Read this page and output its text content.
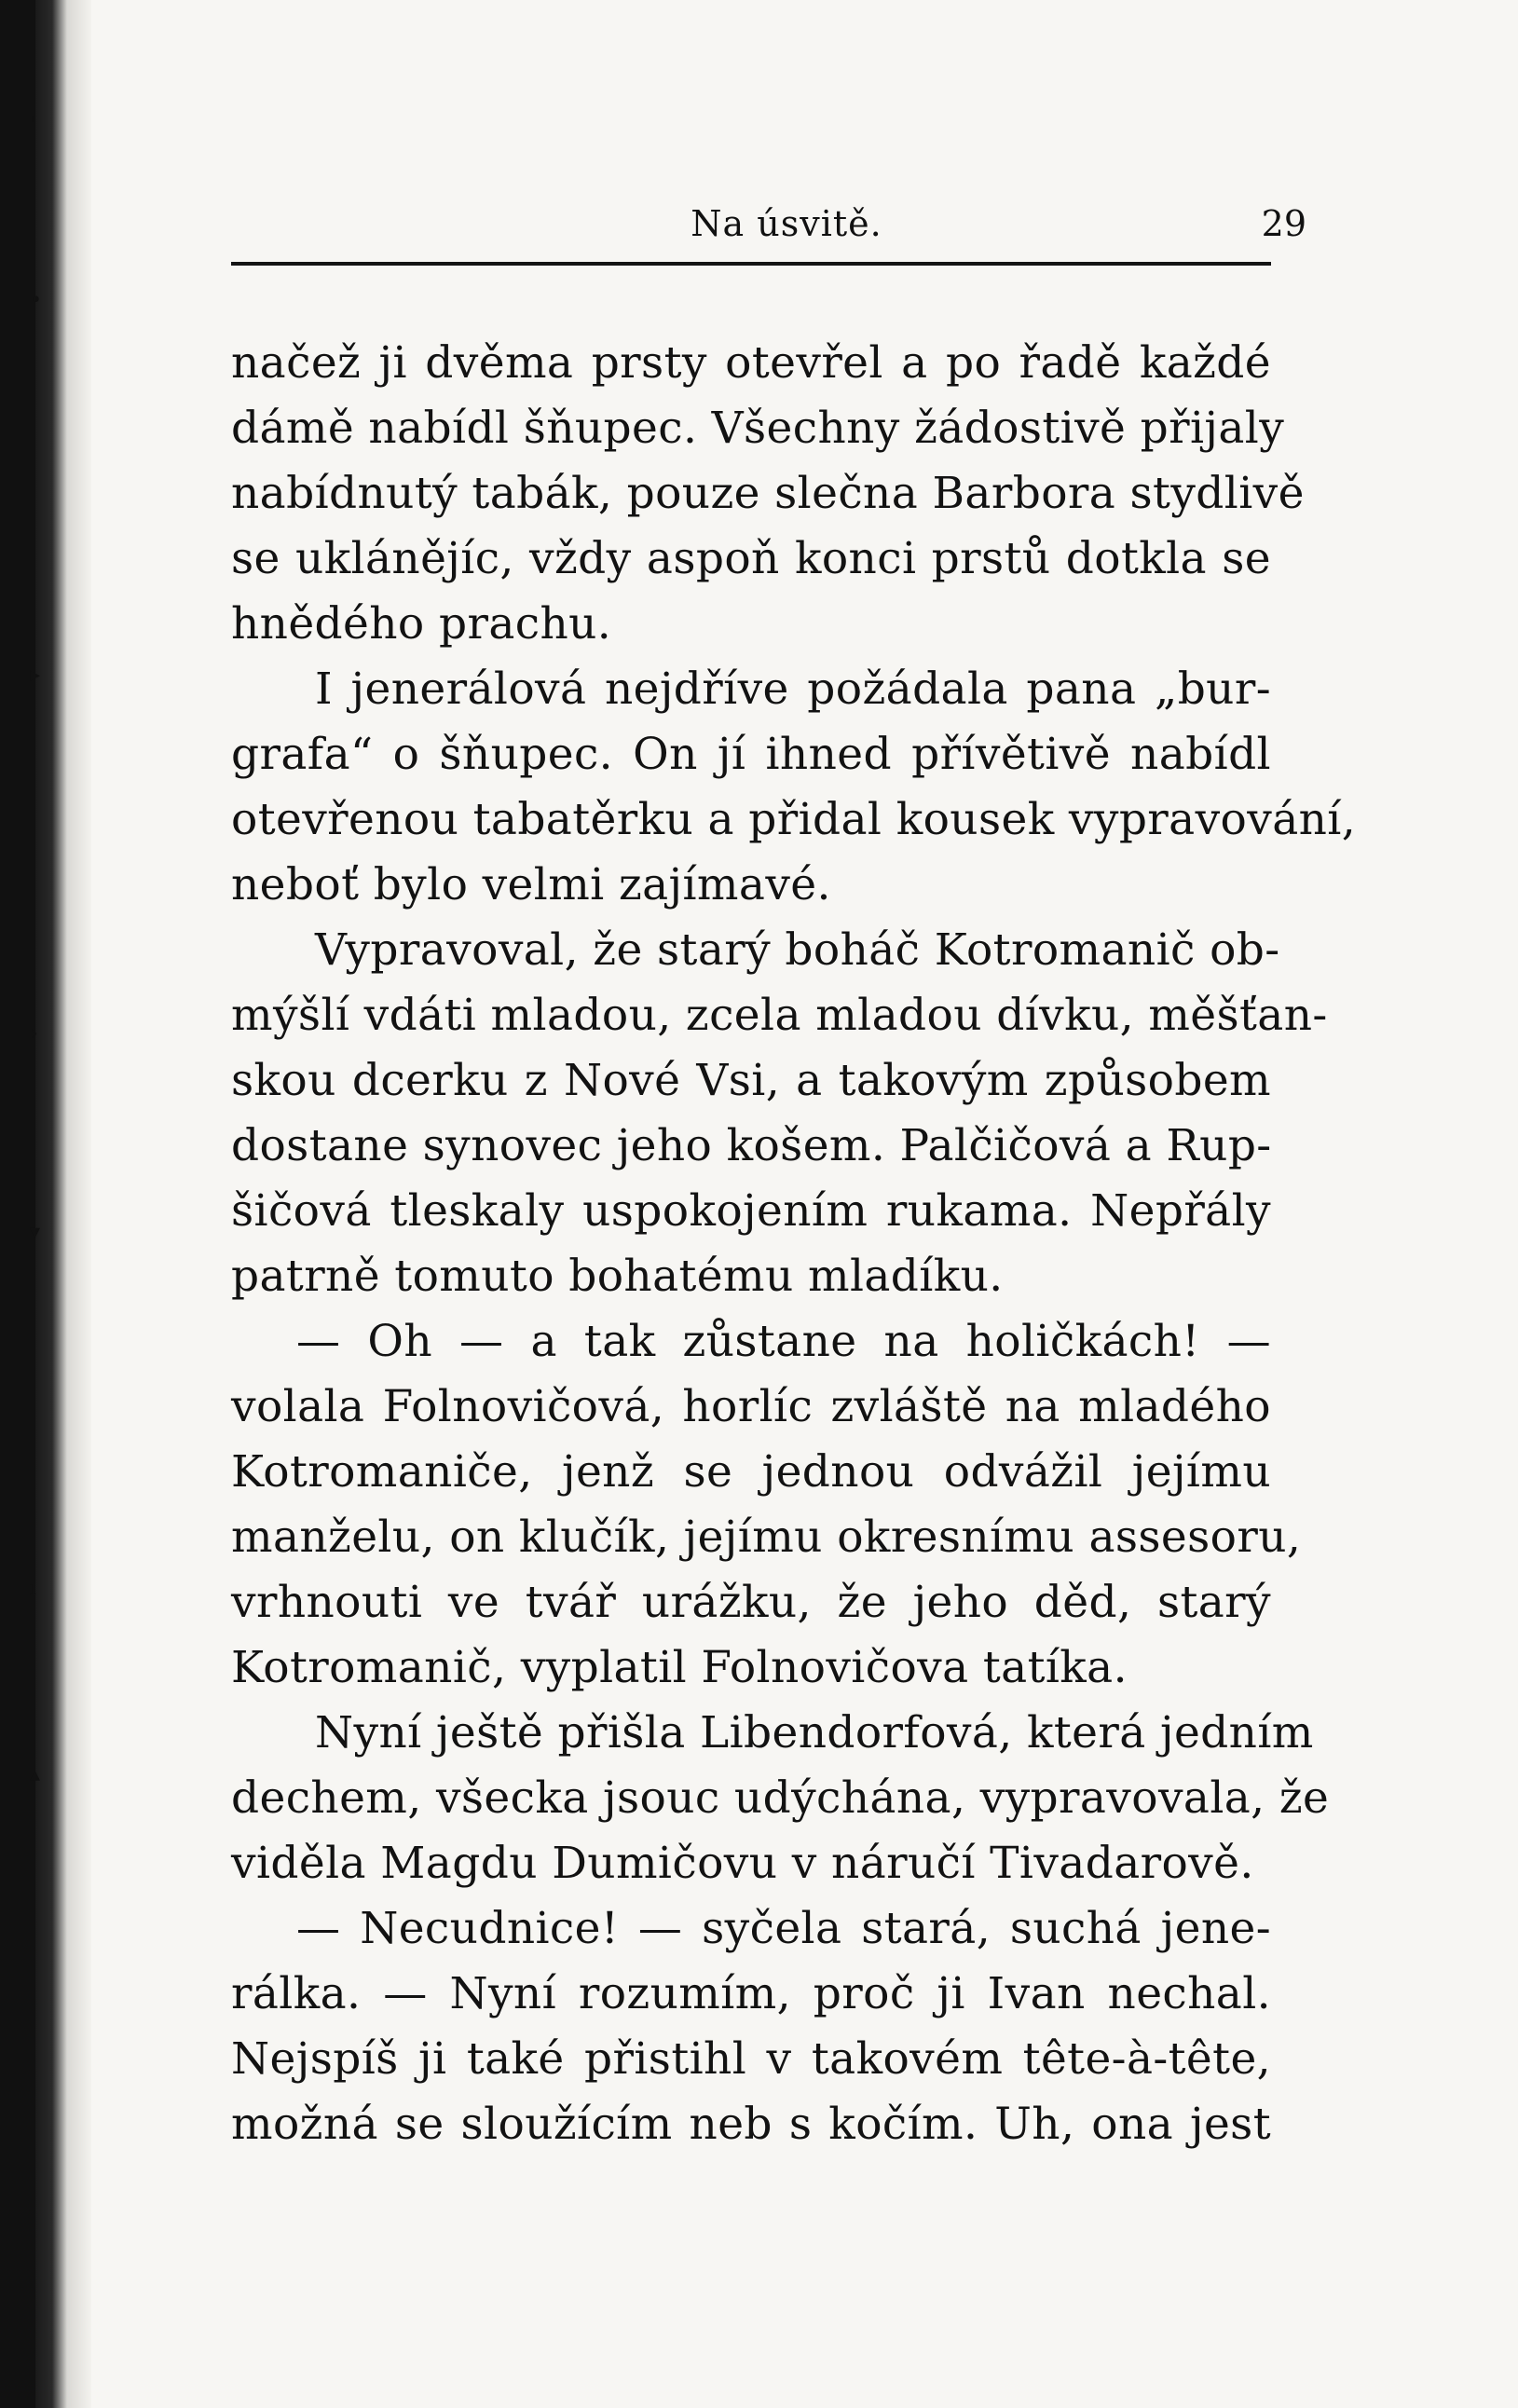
'
•
▸
›
▾
ı
▴
Na úsvitě.	29
načež ji dvěma prsty otevřel a po řadě každé
dámě nabídl šňupec. Všechny žádostivě přijaly
nabídnutý tabák, pouze slečna Barbora stydlivě
se uklánějíc, vždy aspoň konci prstů dotkla se
hnědého prachu.
I jenerálová nejdříve požádala pana „bur-
grafa“ o šňupec. On jí ihned přívětivě nabídl
otevřenou tabatěrku a přidal kousek vypravování,
neboť bylo velmi zajímavé.
Vypravoval, že starý boháč Kotromanič ob-
mýšlí vdáti mladou, zcela mladou dívku, měšťan-
skou dcerku z Nové Vsi, a takovým způsobem
dostane synovec jeho košem. Palčičová a Rup-
šičová tleskaly uspokojením rukama. Nepřály
patrně tomuto bohatému mladíku.
— Oh — a tak zůstane na holičkách! —
volala Folnovičová, horlíc zvláště na mladého
Kotromaniče, jenž se jednou odvážil jejímu
manželu, on klučík, jejímu okresnímu assesoru,
vrhnouti ve tvář urážku, že jeho děd, starý
Kotromanič, vyplatil Folnovičova tatíka.
Nyní ještě přišla Libendorfová, která jedním
dechem, všecka jsouc udýchána, vypravovala, že
viděla Magdu Dumičovu v náručí Tivadarově.
— Necudnice! — syčela stará, suchá jene-
rálka. — Nyní rozumím, proč ji Ivan nechal.
Nejspíš ji také přistihl v takovém tête-à-tête,
možná se sloužícím neb s kočím. Uh, ona jest
